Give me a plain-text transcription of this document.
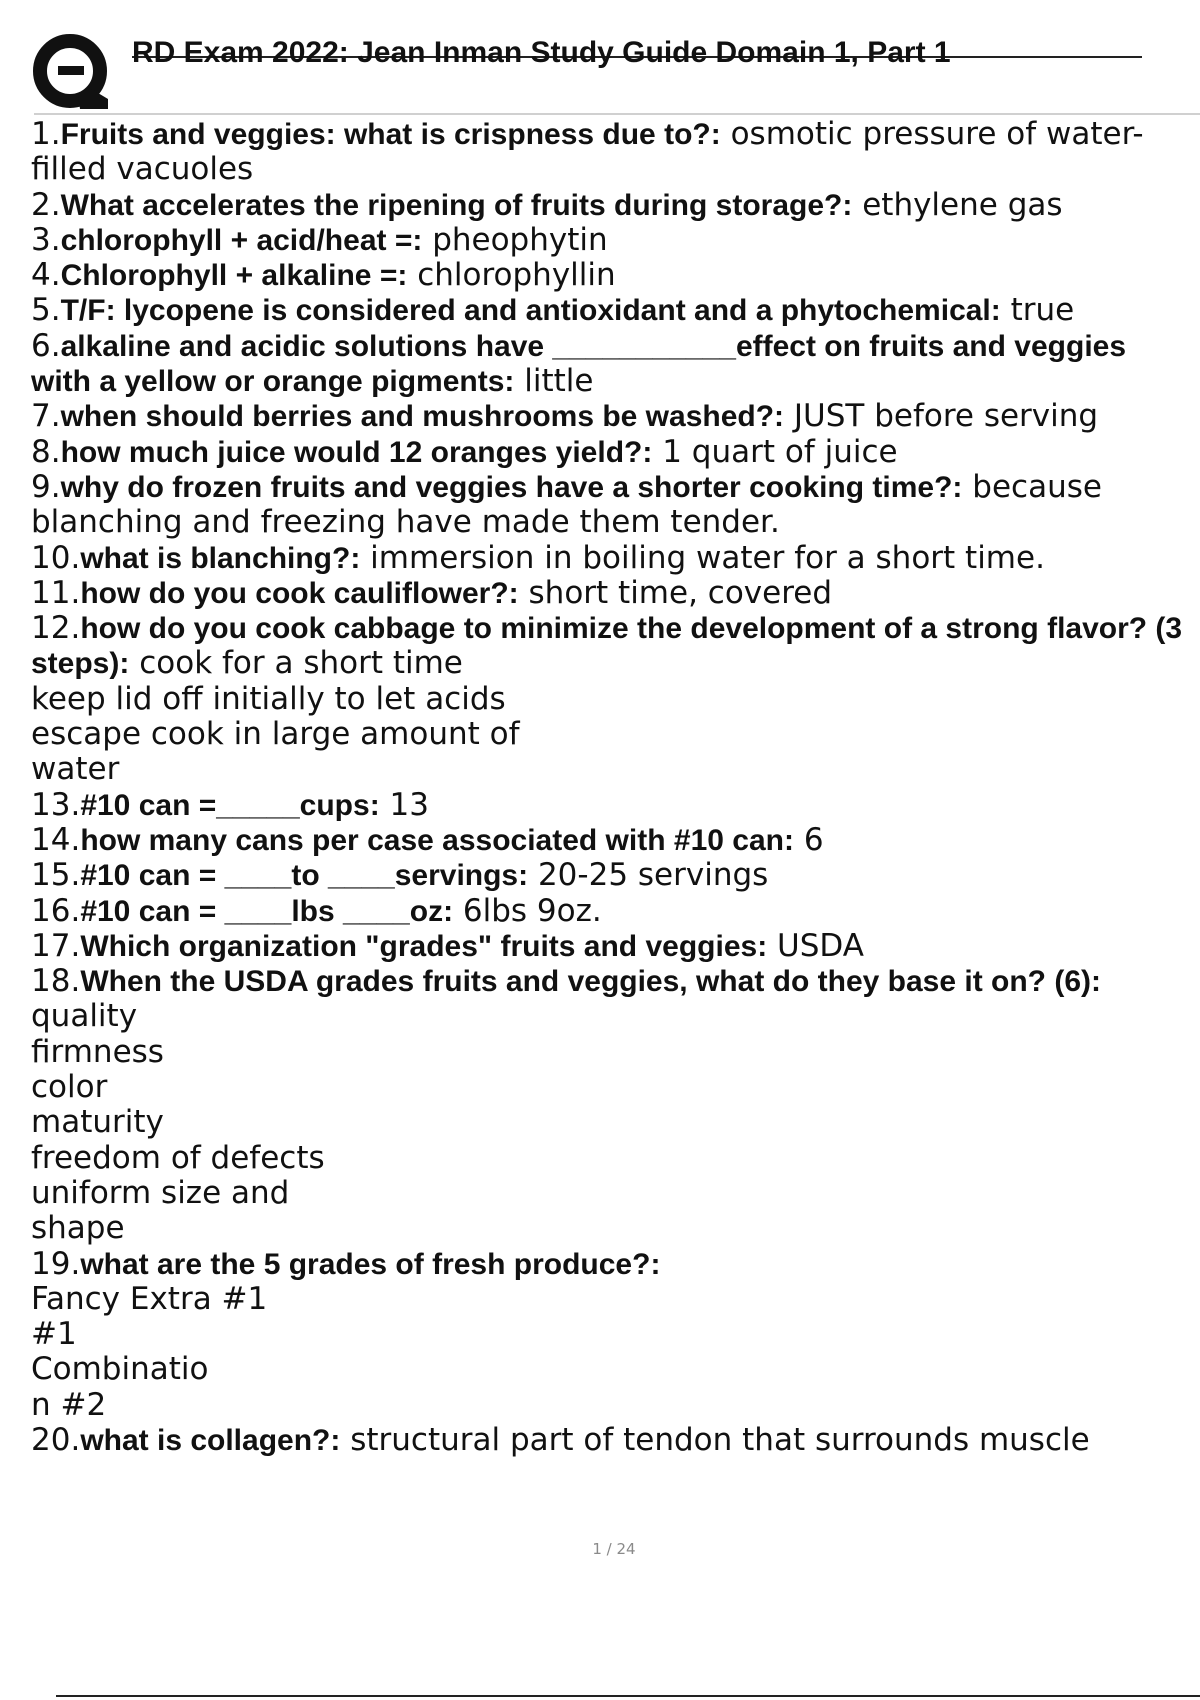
RD Exam 2022: Jean Inman Study Guide Domain 1, Part 1
1.Fruits and veggies: what is crispness due to?: osmotic pressure of water-filled vacuoles
2.What accelerates the ripening of fruits during storage?: ethylene gas
3.chlorophyll + acid/heat =: pheophytin
4.Chlorophyll + alkaline =: chlorophyllin
5.T/F: lycopene is considered and antioxidant and a phytochemical: true
6.alkaline and acidic solutions have ___________effect on fruits and veggies with a yellow or orange pigments: little
7.when should berries and mushrooms be washed?: JUST before serving
8.how much juice would 12 oranges yield?: 1 quart of juice
9.why do frozen fruits and veggies have a shorter cooking time?: because blanching and freezing have made them tender.
10.what is blanching?: immersion in boiling water for a short time.
11.how do you cook cauliflower?: short time, covered
12.how do you cook cabbage to minimize the development of a strong flavor? (3 steps): cook for a short time
keep lid off initially to let acids
escape cook in large amount of
water
13.#10 can =_____cups: 13
14.how many cans per case associated with #10 can: 6
15.#10 can = ____to ____servings: 20-25 servings
16.#10 can = ____lbs ____oz: 6lbs 9oz.
17.Which organization "grades" fruits and veggies: USDA
18.When the USDA grades fruits and veggies, what do they base it on? (6):
quality
firmness
color
maturity
freedom of defects
uniform size and
shape
19.what are the 5 grades of fresh produce?:
Fancy Extra #1
#1
Combinatio
n #2
20.what is collagen?: structural part of tendon that surrounds muscle
1 / 24
